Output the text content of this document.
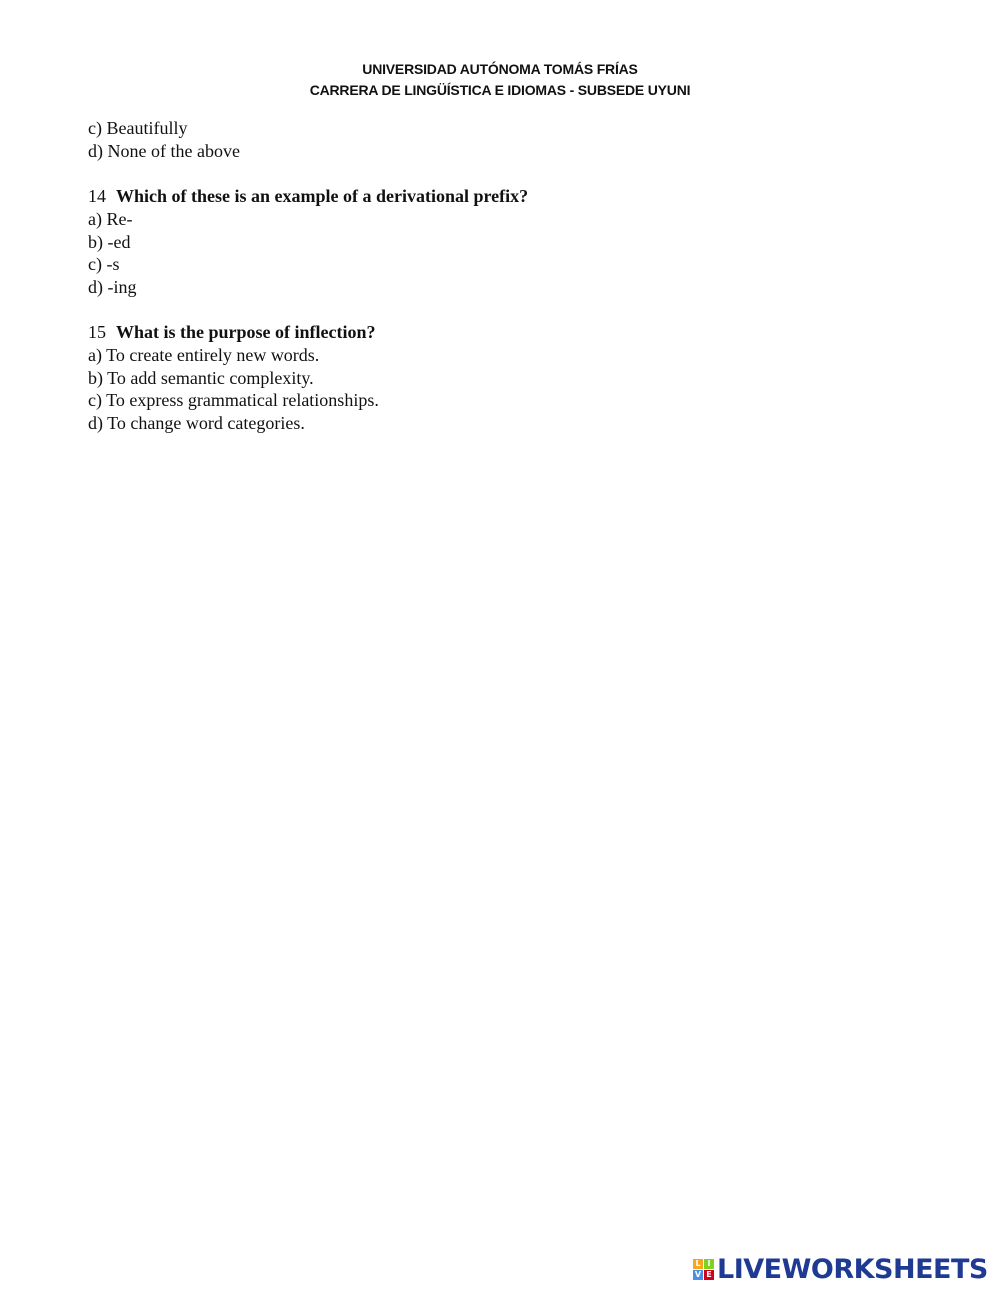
UNIVERSIDAD AUTÓNOMA TOMÁS FRÍAS
CARRERA DE LINGÜÍSTICA E IDIOMAS - SUBSEDE UYUNI
c) Beautifully
d) None of the above
14 Which of these is an example of a derivational prefix?
a) Re-
b) -ed
c) -s
d) -ing
15 What is the purpose of inflection?
a) To create entirely new words.
b) To add semantic complexity.
c) To express grammatical relationships.
d) To change word categories.
L I
V E LIVEWORKSHEETS
